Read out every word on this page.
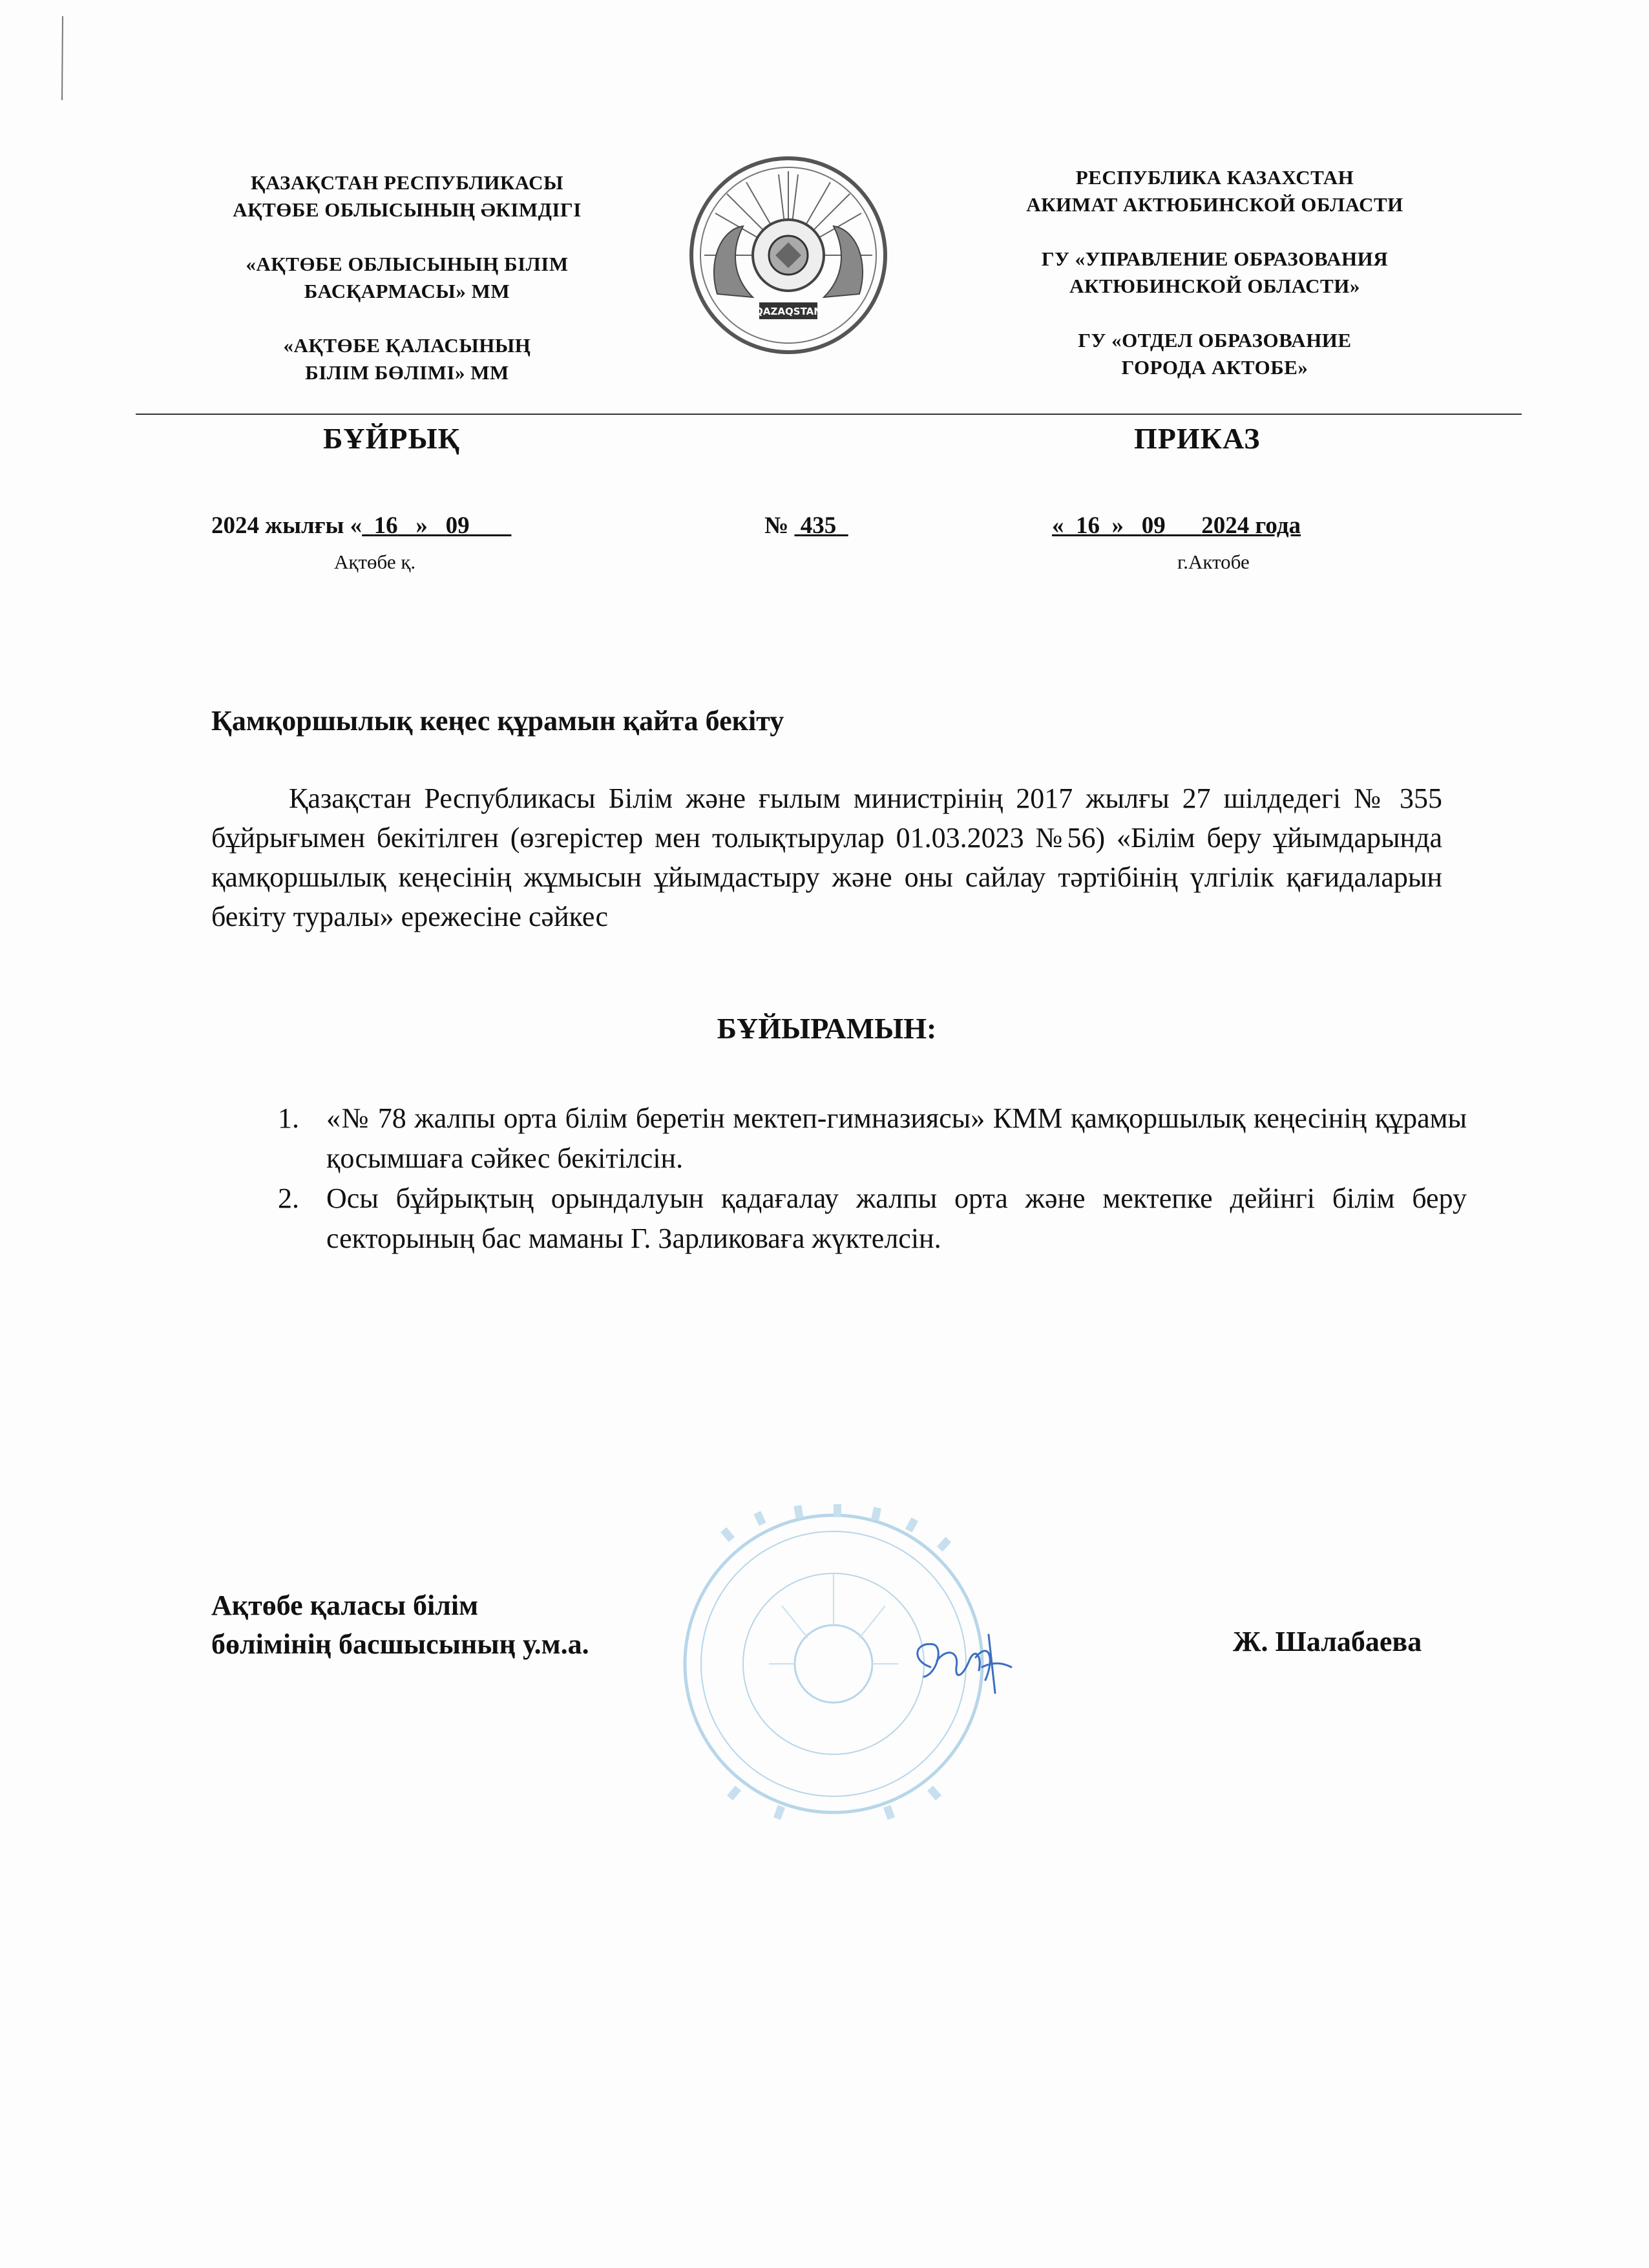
ҚАЗАҚСТАН РЕСПУБЛИКАСЫ
АҚТӨБЕ ОБЛЫСЫНЫҢ ӘКІМДІГІ
«АҚТӨБЕ ОБЛЫСЫНЫҢ БІЛІМ
БАСҚАРМАСЫ» ММ
«АҚТӨБЕ ҚАЛАСЫНЫҢ
БІЛІМ БӨЛІМІ» ММ
QAZAQSTAN
РЕСПУБЛИКА КАЗАХСТАН
АКИМАТ АКТЮБИНСКОЙ ОБЛАСТИ
ГУ «УПРАВЛЕНИЕ ОБРАЗОВАНИЯ
АКТЮБИНСКОЙ ОБЛАСТИ»
ГУ «ОТДЕЛ ОБРАЗОВАНИЕ
ГОРОДА АКТОБЕ»
БҰЙРЫҚ	ПРИКАЗ
2024 жылғы « 16 » 09
Ақтөбе қ.
№ 435	« 16 » 09 2024 года
г.Актобе
Қамқоршылық кеңес құрамын қайта бекіту

Қазақстан Республикасы Білім және ғылым министрінің 2017 жылғы 27 шілдедегі № 355 бұйрығымен бекітілген (өзгерістер мен толықтырулар 01.03.2023 №56) «Білім беру ұйымдарында қамқоршылық кеңесінің жұмысын ұйымдастыру және оны сайлау тәртібінің үлгілік қағидаларын бекіту туралы» ережесіне сәйкес

БҰЙЫРАМЫН:
1. «№ 78 жалпы орта білім беретін мектеп-гимназиясы» КММ қамқоршылық кеңесінің құрамы қосымшаға сәйкес бекітілсін.
2. Осы бұйрықтың орындалуын қадағалау жалпы орта және мектепке дейінгі білім беру секторының бас маманы Г. Зарликоваға жүктелсін.
Ақтөбе қаласы білім
бөлімінің басшысының у.м.а.	Ж. Шалабаева
